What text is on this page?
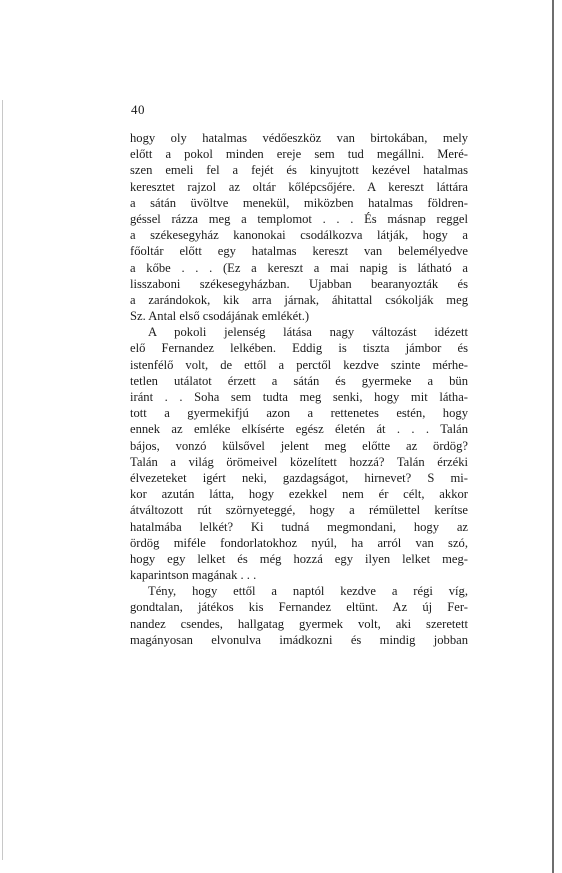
40
hogy oly hatalmas védőeszköz van birtokában, mely
előtt a pokol minden ereje sem tud megállni. Meré-
szen emeli fel a fejét és kinyujtott kezével hatalmas
keresztet rajzol az oltár kőlépcsőjére. A kereszt láttára
a sátán üvöltve menekül, miközben hatalmas földren-
géssel rázza meg a templomot . . . És másnap reggel
a székesegyház kanonokai csodálkozva látják, hogy a
főoltár előtt egy hatalmas kereszt van belemélyedve
a kőbe . . . (Ez a kereszt a mai napig is látható a
lisszaboni székesegyházban. Ujabban bearanyozták és
a zarándokok, kik arra járnak, áhitattal csókolják meg
Sz. Antal első csodájának emlékét.)
A pokoli jelenség látása nagy változást idézett
elő Fernandez lelkében. Eddig is tiszta jámbor és
istenfélő volt, de ettől a perctől kezdve szinte mérhe-
tetlen utálatot érzett a sátán és gyermeke a bün
iránt . . Soha sem tudta meg senki, hogy mit látha-
tott a gyermekifjú azon a rettenetes estén, hogy
ennek az emléke elkísérte egész életén át . . . Talán
bájos, vonzó külsővel jelent meg előtte az ördög?
Talán a világ örömeivel közelített hozzá? Talán érzéki
élvezeteket igért neki, gazdagságot, hirnevet? S mi-
kor azután látta, hogy ezekkel nem ér célt, akkor
átváltozott rút szörnyeteggé, hogy a rémülettel kerítse
hatalmába lelkét? Ki tudná megmondani, hogy az
ördög miféle fondorlatokhoz nyúl, ha arról van szó,
hogy egy lelket és még hozzá egy ilyen lelket meg-
kaparintson magának . . .
Tény, hogy ettől a naptól kezdve a régi víg,
gondtalan, játékos kis Fernandez eltünt. Az új Fer-
nandez csendes, hallgatag gyermek volt, aki szeretett
magányosan elvonulva imádkozni és mindig jobban
